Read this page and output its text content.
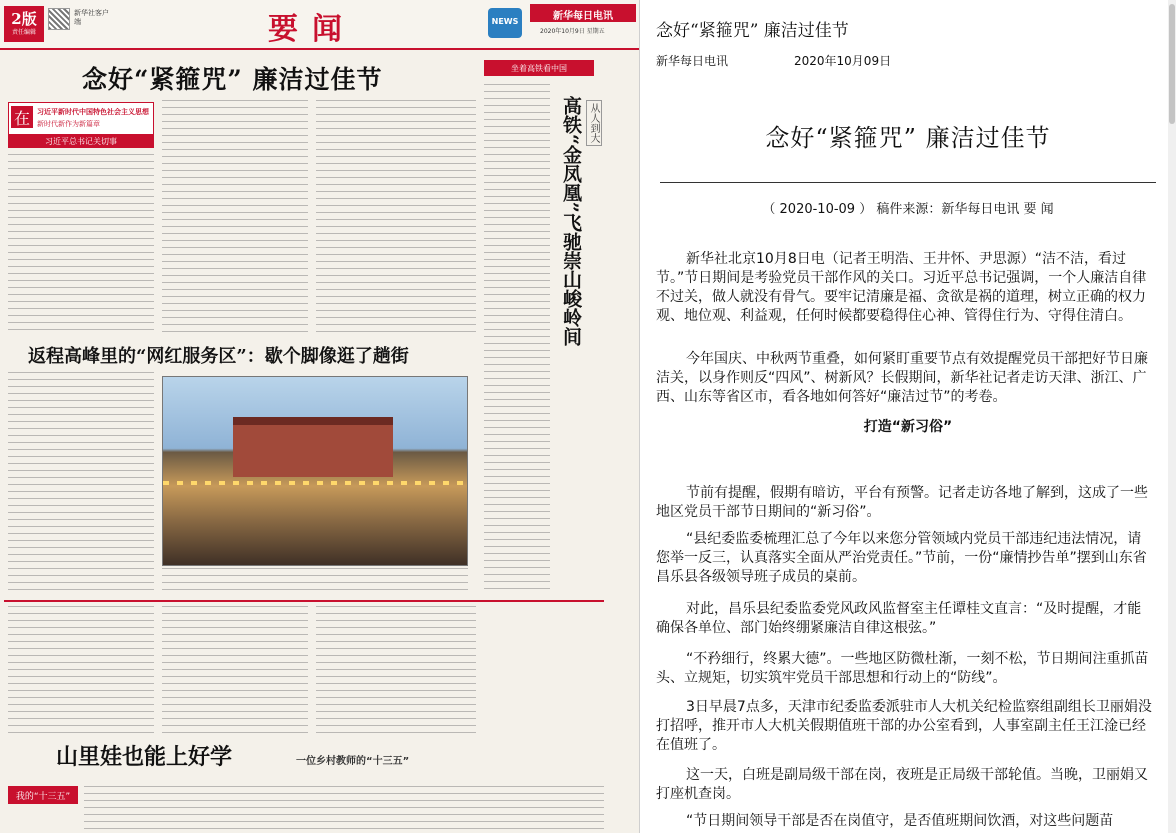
2版
责任编辑
新华社客户端	要闻	NEWS	新华每日电讯
2020年10月9日 星期五
念好“紧箍咒” 廉洁过佳节
在	习近平新时代中国特色社会主义思想
新时代新作为新篇章
习近平总书记关切事
坐着高铁看中国
高铁“金凤凰”飞驰崇山峻岭间 从人到大
返程高峰里的“网红服务区”：歇个脚像逛了趟街
山里娃也能上好学	一位乡村教师的“十三五”
我的“十三五”
念好“紧箍咒” 廉洁过佳节
新华每日电讯	2020年10月09日
念好“紧箍咒” 廉洁过佳节
（ 2020-10-09 ） 稿件来源：新华每日电讯 要 闻

新华社北京10月8日电（记者王明浩、王井怀、尹思源）“洁不洁，看过节。”节日期间是考验党员干部作风的关口。习近平总书记强调，一个人廉洁自律不过关，做人就没有骨气。要牢记清廉是福、贪欲是祸的道理，树立正确的权力观、地位观、利益观，任何时候都要稳得住心神、管得住行为、守得住清白。

今年国庆、中秋两节重叠，如何紧盯重要节点有效提醒党员干部把好节日廉洁关，以身作则反“四风”、树新风？长假期间，新华社记者走访天津、浙江、广西、山东等省区市，看各地如何答好“廉洁过节”的考卷。

打造“新习俗”

节前有提醒，假期有暗访，平台有预警。记者走访各地了解到，这成了一些地区党员干部节日期间的“新习俗”。

“县纪委监委梳理汇总了今年以来您分管领域内党员干部违纪违法情况，请您举一反三，认真落实全面从严治党责任。”节前，一份“廉情抄告单”摆到山东省昌乐县各级领导班子成员的桌前。

对此，昌乐县纪委监委党风政风监督室主任谭桂文直言：“及时提醒，才能确保各单位、部门始终绷紧廉洁自律这根弦。”

“不矜细行，终累大德”。一些地区防微杜渐，一刻不松，节日期间注重抓苗头、立规矩，切实筑牢党员干部思想和行动上的“防线”。

3日早晨7点多，天津市纪委监委派驻市人大机关纪检监察组副组长卫丽娟没打招呼，推开市人大机关假期值班干部的办公室看到，人事室副主任王江淦已经在值班了。

这一天，白班是副局级干部在岗，夜班是正局级干部轮值。当晚，卫丽娟又打座机查岗。

“节日期间领导干部是否在岗值守，是否值班期间饮酒，对这些问题苗
